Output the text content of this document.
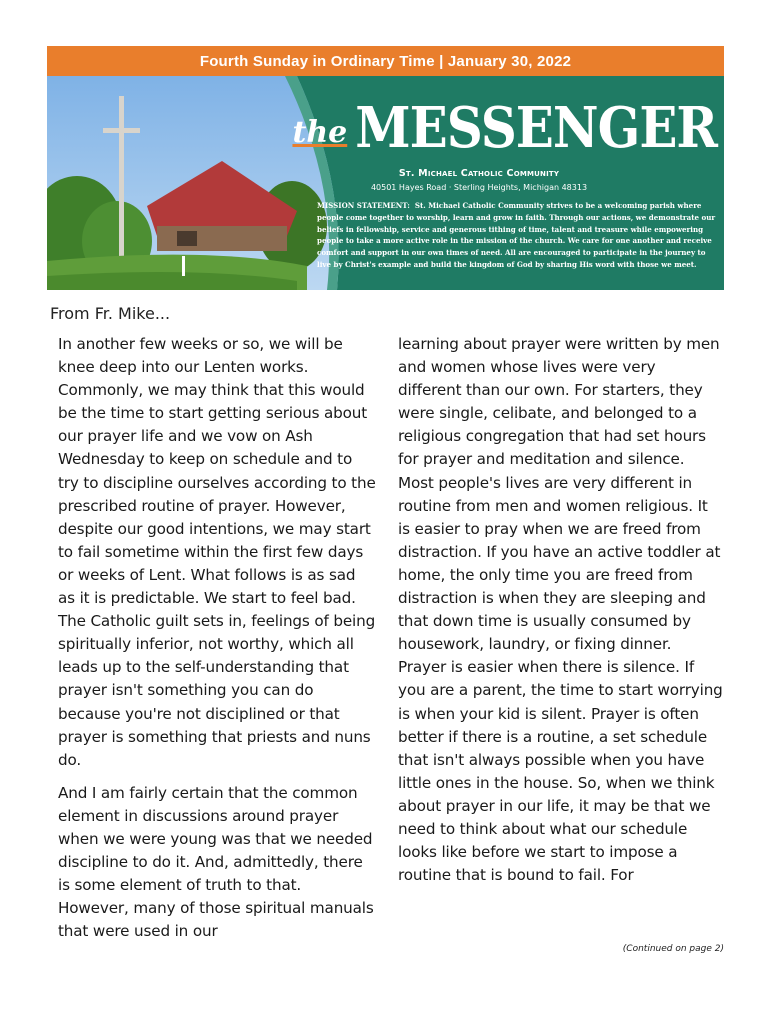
Fourth Sunday in Ordinary Time | January 30, 2022
the MESSENGER
St. Michael Catholic Community
40501 Hayes Road · Sterling Heights, Michigan 48313
MISSION STATEMENT: St. Michael Catholic Community strives to be a welcoming parish where people come together to worship, learn and grow in faith. Through our actions, we demonstrate our beliefs in fellowship, service and generous tithing of time, talent and treasure while empowering people to take a more active role in the mission of the church. We care for one another and receive comfort and support in our own times of need. All are encouraged to participate in the journey to live by Christ's example and build the kingdom of God by sharing His word with those we meet.
From Fr. Mike...

In another few weeks or so, we will be knee deep into our Lenten works. Commonly, we may think that this would be the time to start getting serious about our prayer life and we vow on Ash Wednesday to keep on schedule and to try to discipline ourselves according to the prescribed routine of prayer. However, despite our good intentions, we may start to fail sometime within the first few days or weeks of Lent. What follows is as sad as it is predictable. We start to feel bad. The Catholic guilt sets in, feelings of being spiritually inferior, not worthy, which all leads up to the self-understanding that prayer isn't something you can do because you're not disciplined or that prayer is something that priests and nuns do.

And I am fairly certain that the common element in discussions around prayer when we were young was that we needed discipline to do it. And, admittedly, there is some element of truth to that. However, many of those spiritual manuals that were used in our

learning about prayer were written by men and women whose lives were very different than our own. For starters, they were single, celibate, and belonged to a religious congregation that had set hours for prayer and meditation and silence. Most people's lives are very different in routine from men and women religious. It is easier to pray when we are freed from distraction. If you have an active toddler at home, the only time you are freed from distraction is when they are sleeping and that down time is usually consumed by housework, laundry, or fixing dinner. Prayer is easier when there is silence. If you are a parent, the time to start worrying is when your kid is silent. Prayer is often better if there is a routine, a set schedule that isn't always possible when you have little ones in the house. So, when we think about prayer in our life, it may be that we need to think about what our schedule looks like before we start to impose a routine that is bound to fail. For

(Continued on page 2)
